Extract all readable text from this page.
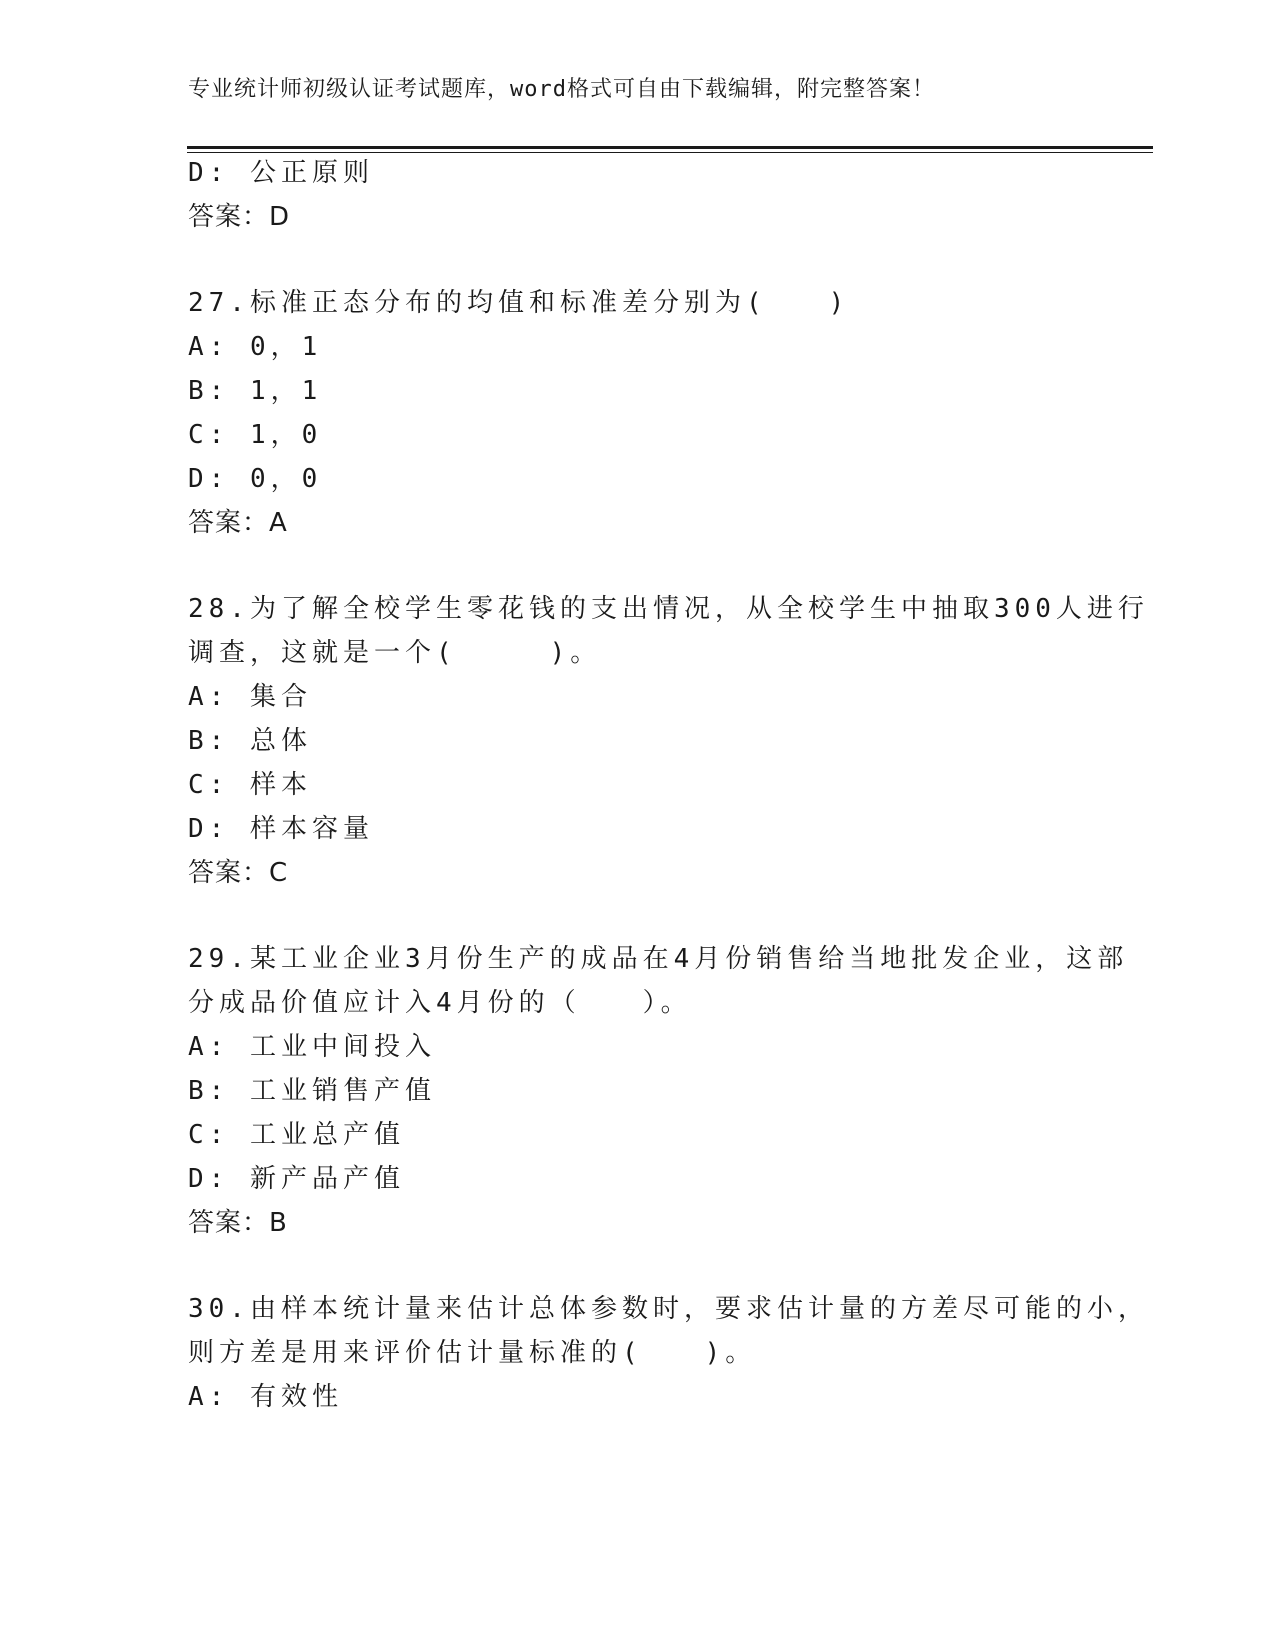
专业统计师初级认证考试题库，word格式可自由下载编辑，附完整答案！
D: 公正原则
答案：D
27.标准正态分布的均值和标准差分别为(　　)
A: 0，1
B: 1，1
C: 1，0
D: 0，0
答案：A
28.为了解全校学生零花钱的支出情况，从全校学生中抽取300人进行
调查，这就是一个(　　　)。
A: 集合
B: 总体
C: 样本
D: 样本容量
答案：C
29.某工业企业3月份生产的成品在4月份销售给当地批发企业，这部
分成品价值应计入4月份的（　　）。
A: 工业中间投入
B: 工业销售产值
C: 工业总产值
D: 新产品产值
答案：B
30.由样本统计量来估计总体参数时，要求估计量的方差尽可能的小，
则方差是用来评价估计量标准的(　　)。
A: 有效性
